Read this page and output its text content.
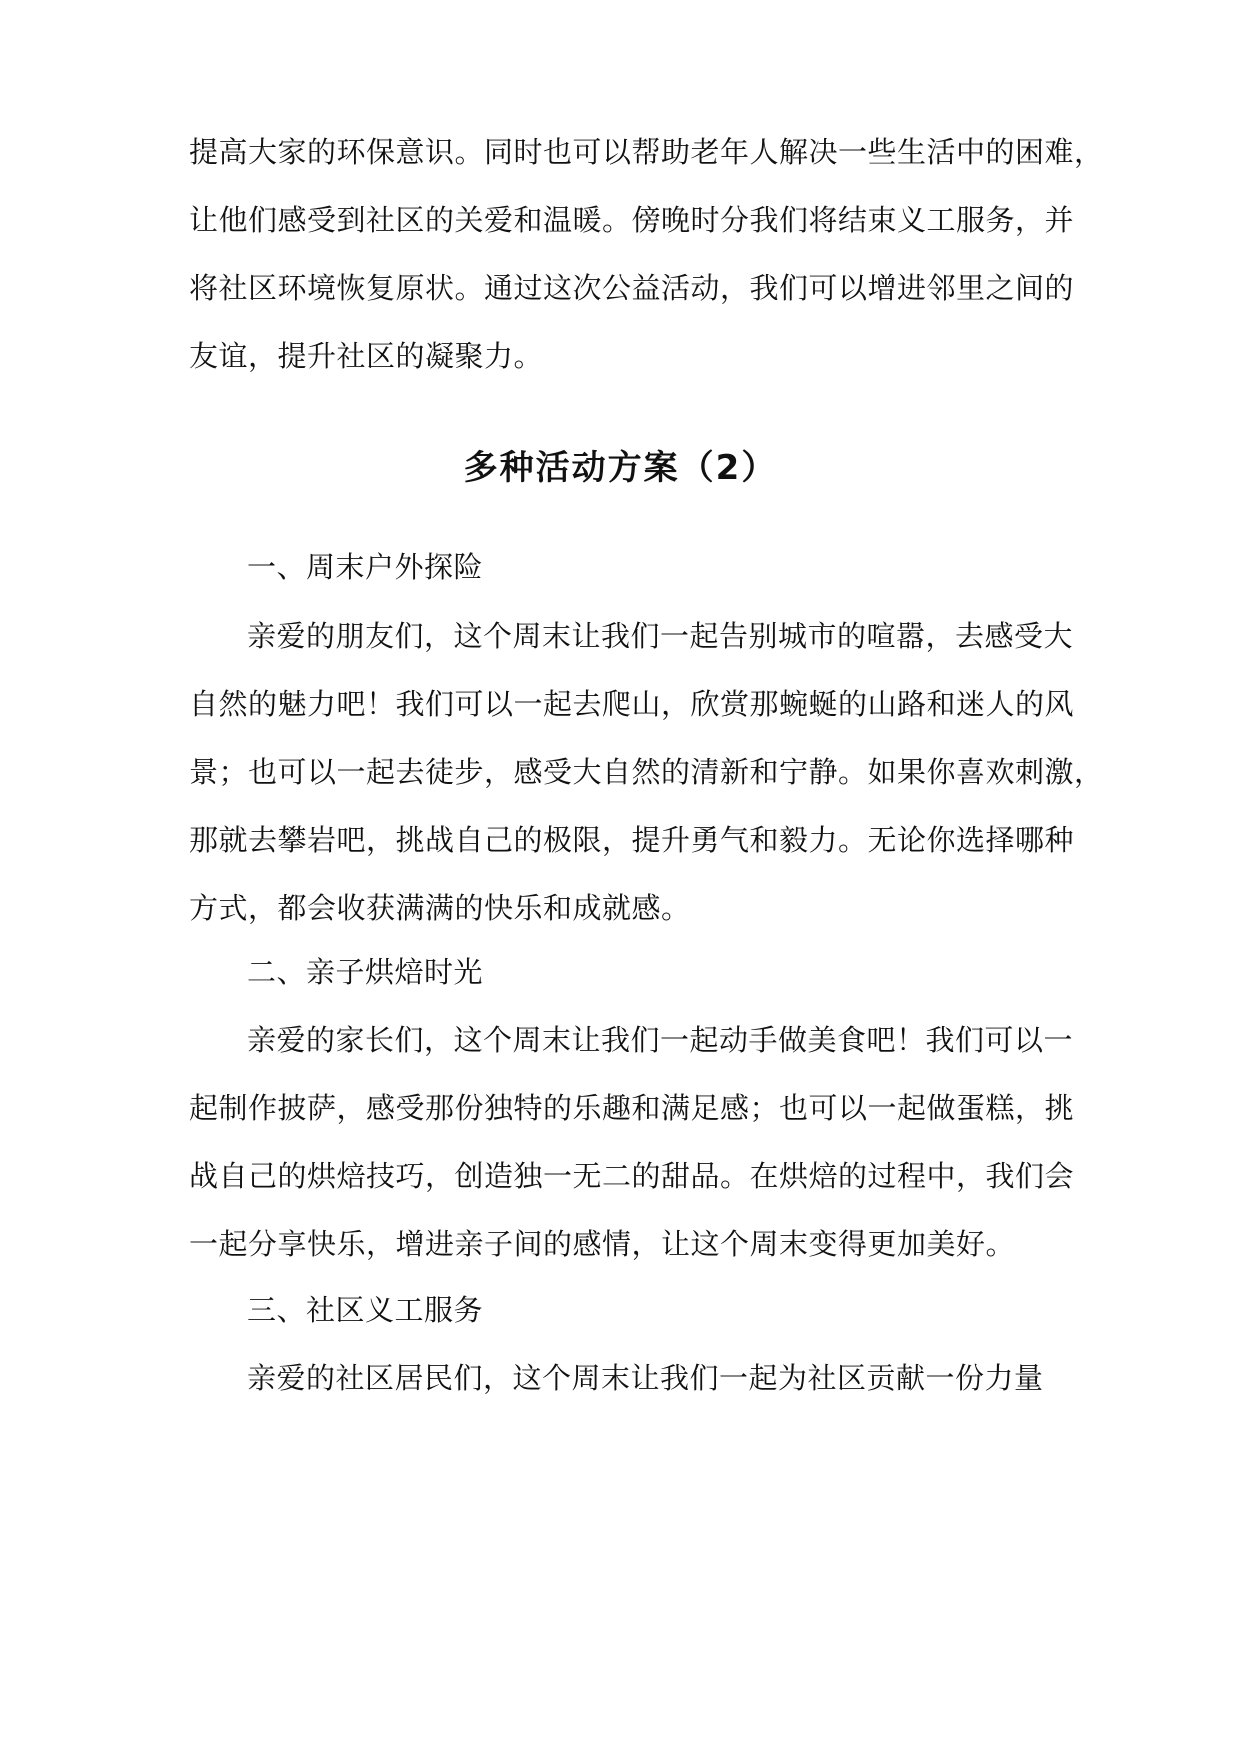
提高大家的环保意识。同时也可以帮助老年人解决一些生活中的困难，
让他们感受到社区的关爱和温暖。傍晚时分我们将结束义工服务，并
将社区环境恢复原状。通过这次公益活动，我们可以增进邻里之间的
友谊，提升社区的凝聚力。
多种活动方案（2）
一、周末户外探险
亲爱的朋友们，这个周末让我们一起告别城市的喧嚣，去感受大
自然的魅力吧！我们可以一起去爬山，欣赏那蜿蜒的山路和迷人的风
景；也可以一起去徒步，感受大自然的清新和宁静。如果你喜欢刺激，
那就去攀岩吧，挑战自己的极限，提升勇气和毅力。无论你选择哪种
方式，都会收获满满的快乐和成就感。
二、亲子烘焙时光
亲爱的家长们，这个周末让我们一起动手做美食吧！我们可以一
起制作披萨，感受那份独特的乐趣和满足感；也可以一起做蛋糕，挑
战自己的烘焙技巧，创造独一无二的甜品。在烘焙的过程中，我们会
一起分享快乐，增进亲子间的感情，让这个周末变得更加美好。
三、社区义工服务
亲爱的社区居民们，这个周末让我们一起为社区贡献一份力量
